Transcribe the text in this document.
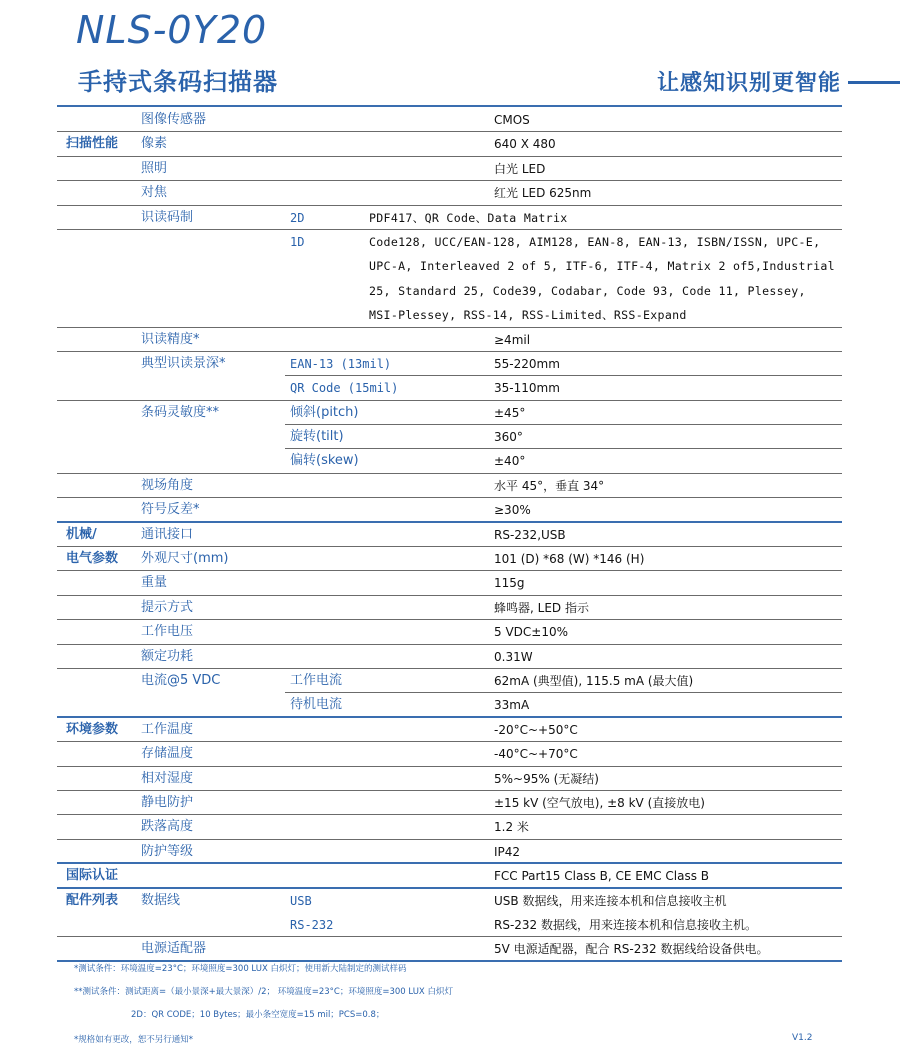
NLS-0Y20
手持式条码扫描器	让感知识别更智能
图像传感器	CMOS
扫描性能 像素	640 X 480
照明	白光 LED
对焦	红光 LED 625nm
识读码制	2D	PDF417、QR Code、Data Matrix
1D	Code128, UCC/EAN-128, AIM128, EAN-8, EAN-13, ISBN/ISSN, UPC-E,
UPC-A, Interleaved 2 of 5, ITF-6, ITF-4, Matrix 2 of5,Industrial
25, Standard 25, Code39, Codabar, Code 93, Code 11, Plessey,
MSI-Plessey, RSS-14, RSS-Limited、RSS-Expand
识读精度*	≥4mil
典型识读景深*	EAN-13 (13mil)	55-220mm
QR Code (15mil)	35-110mm
条码灵敏度**	倾斜(pitch)	±45°
旋转(tilt)	360°
偏转(skew)	±40°
视场角度	水平 45°，垂直 34°
符号反差*	≥30%
机械/	通讯接口	RS-232,USB
电气参数 外观尺寸(mm)	101 (D) *68 (W) *146 (H)
重量	115g
提示方式	蜂鸣器, LED 指示
工作电压	5 VDC±10%
额定功耗	0.31W
电流@5 VDC	工作电流	62mA (典型值), 115.5 mA (最大值)
待机电流	33mA
环境参数 工作温度	-20°C~+50°C
存储温度	-40°C~+70°C
相对湿度	5%~95% (无凝结)
静电防护	±15 kV (空气放电), ±8 kV (直接放电)
跌落高度	1.2 米
防护等级	IP42
国际认证	FCC Part15 Class B, CE EMC Class B
配件列表 数据线	USB	USB 数据线，用来连接本机和信息接收主机
RS-232	RS-232 数据线，用来连接本机和信息接收主机。
电源适配器	5V 电源适配器，配合 RS-232 数据线给设备供电。
*测试条件：环境温度=23°C；环境照度=300 LUX 白炽灯；使用新大陆制定的测试样码
**测试条件：测试距离=（最小景深+最大景深）/2； 环境温度=23°C；环境照度=300 LUX 白炽灯
2D：QR CODE；10 Bytes；最小条空宽度=15 mil；PCS=0.8；
*规格如有更改，恕不另行通知*	V1.2
